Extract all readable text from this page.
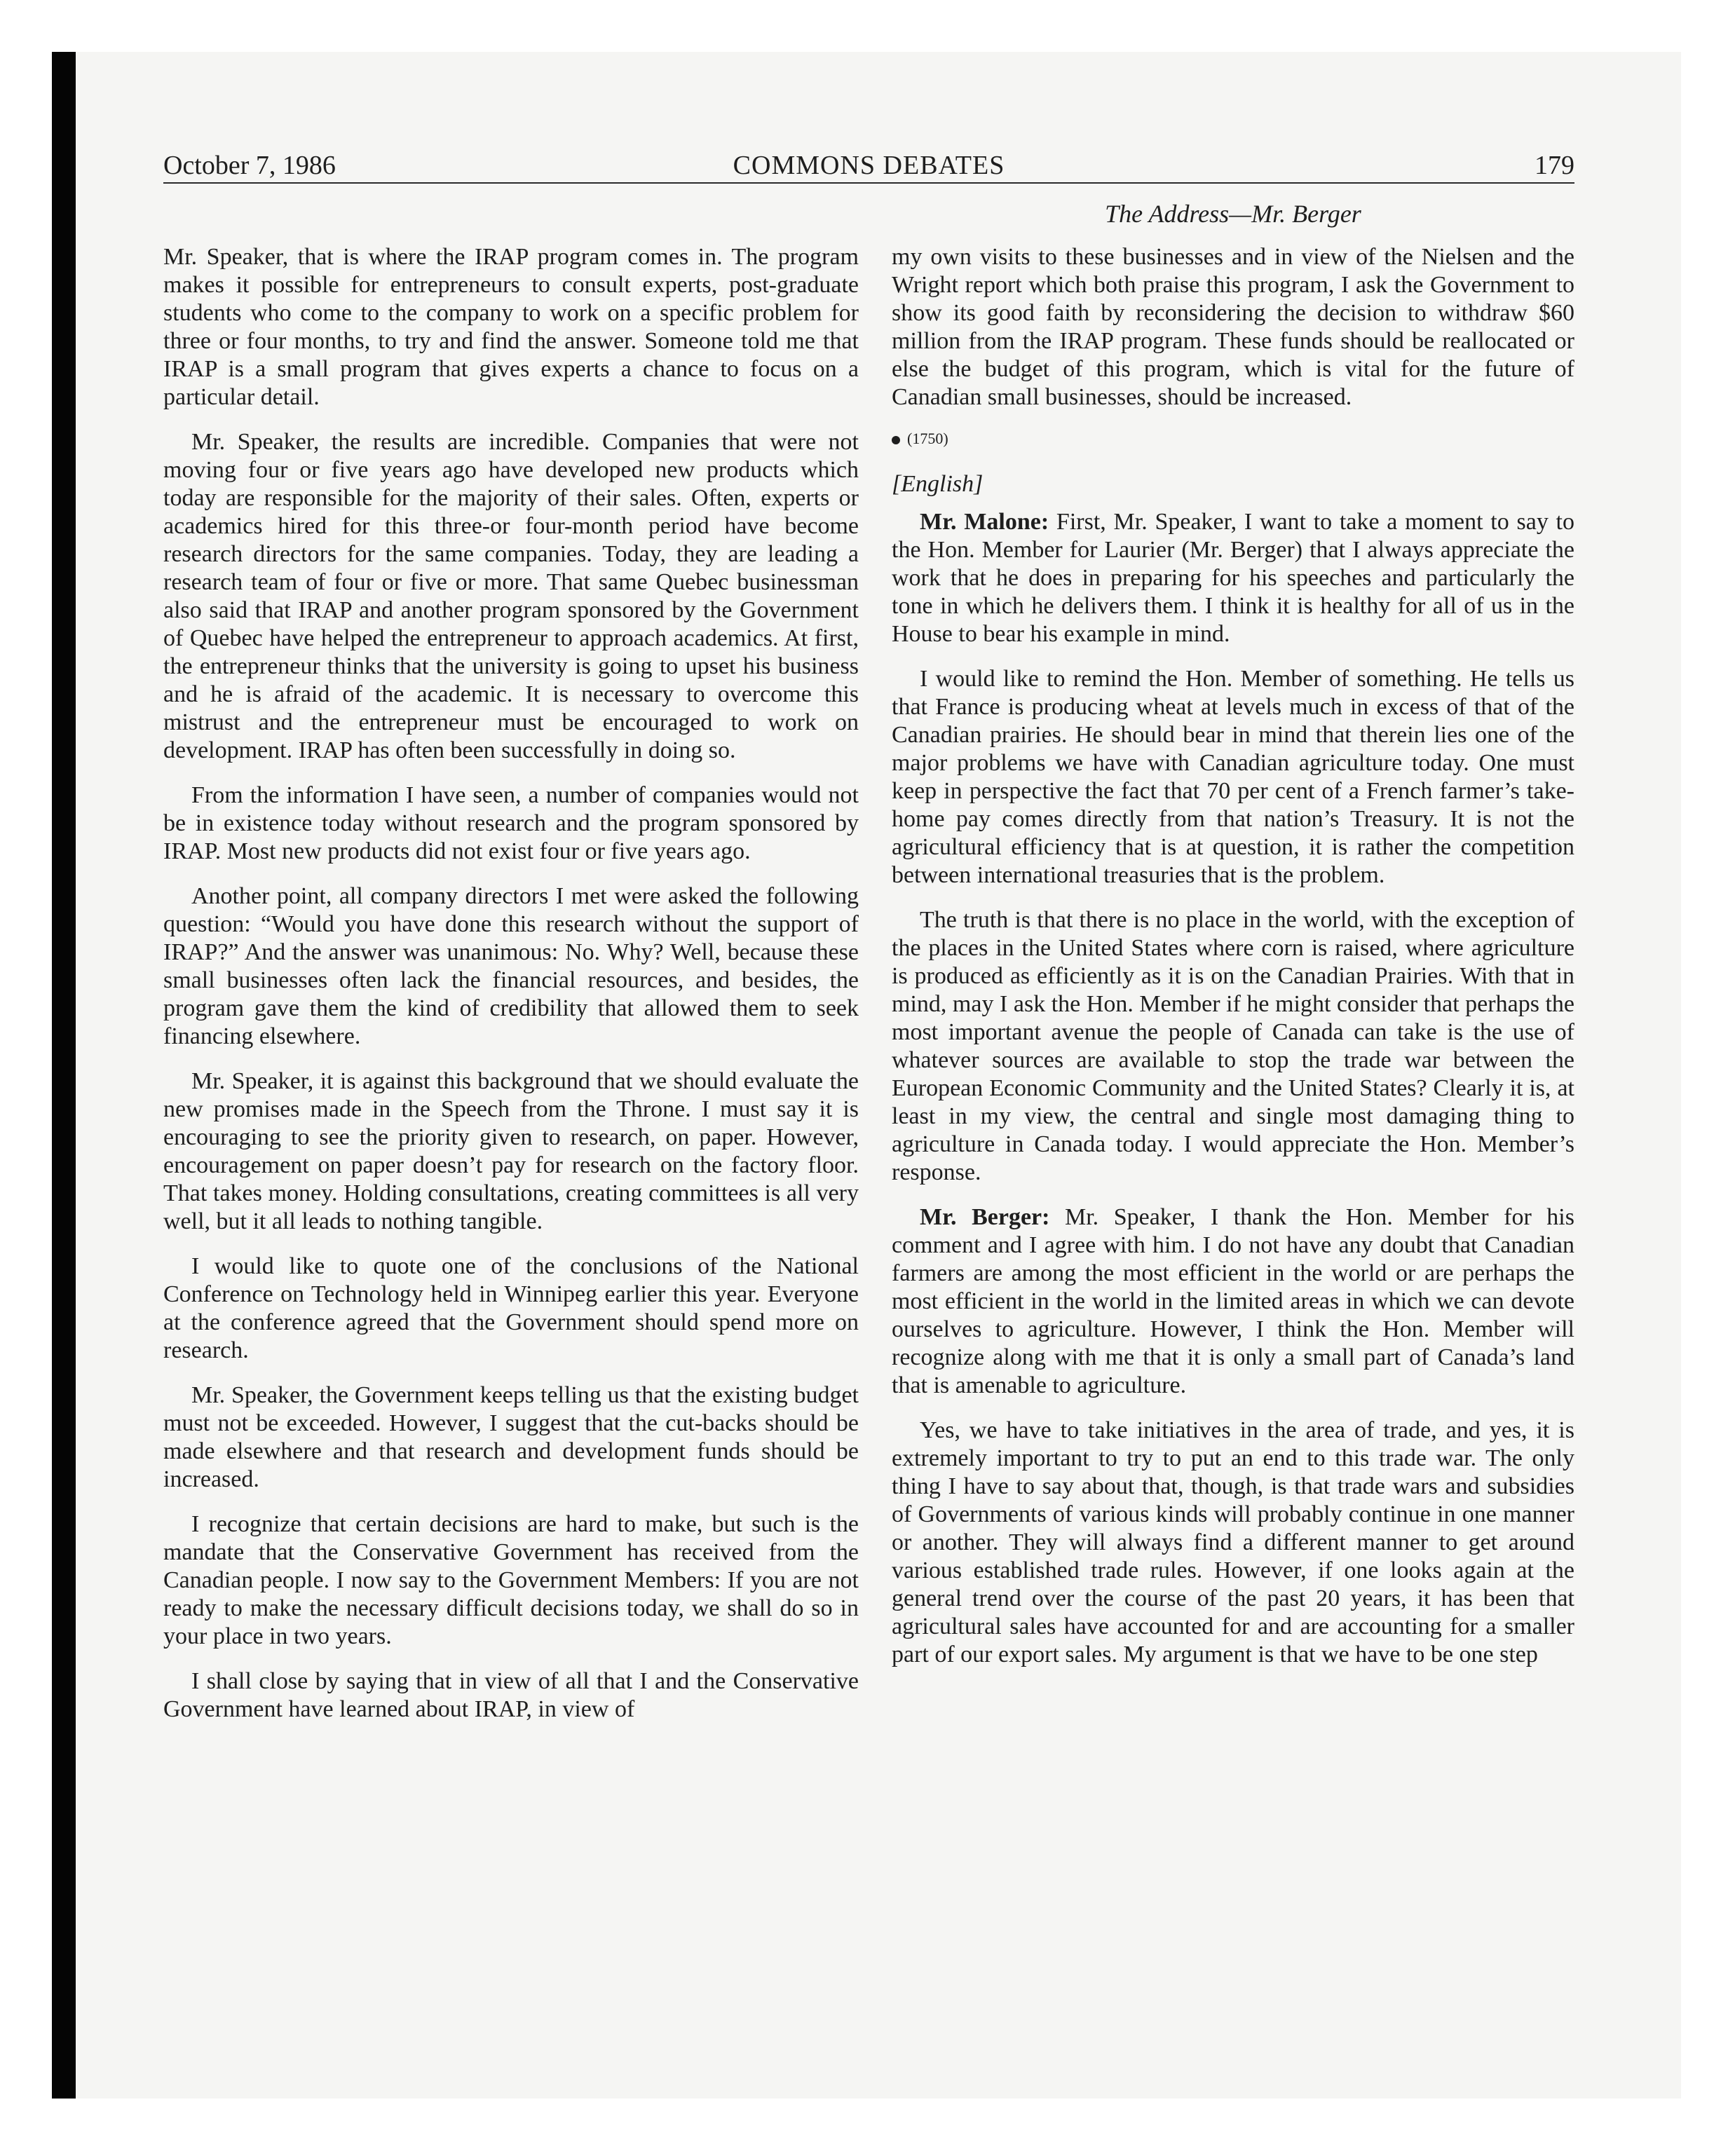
October 7, 1986	COMMONS DEBATES	179
The Address—Mr. Berger

Mr. Speaker, that is where the IRAP program comes in. The program makes it possible for entrepreneurs to consult experts, post-graduate students who come to the company to work on a specific problem for three or four months, to try and find the answer. Someone told me that IRAP is a small program that gives experts a chance to focus on a particular detail.

Mr. Speaker, the results are incredible. Companies that were not moving four or five years ago have developed new products which today are responsible for the majority of their sales. Often, experts or academics hired for this three-or four-month period have become research directors for the same companies. Today, they are leading a research team of four or five or more. That same Quebec businessman also said that IRAP and another program sponsored by the Government of Quebec have helped the entrepreneur to approach academics. At first, the entrepreneur thinks that the university is going to upset his business and he is afraid of the academic. It is necessary to overcome this mistrust and the entrepreneur must be encouraged to work on development. IRAP has often been successfully in doing so.

From the information I have seen, a number of companies would not be in existence today without research and the program sponsored by IRAP. Most new products did not exist four or five years ago.

Another point, all company directors I met were asked the following question: “Would you have done this research without the support of IRAP?” And the answer was unanimous: No. Why? Well, because these small businesses often lack the financial resources, and besides, the program gave them the kind of credibility that allowed them to seek financing elsewhere.

Mr. Speaker, it is against this background that we should evaluate the new promises made in the Speech from the Throne. I must say it is encouraging to see the priority given to research, on paper. However, encouragement on paper doesn’t pay for research on the factory floor. That takes money. Holding consultations, creating committees is all very well, but it all leads to nothing tangible.

I would like to quote one of the conclusions of the National Conference on Technology held in Winnipeg earlier this year. Everyone at the conference agreed that the Government should spend more on research.

Mr. Speaker, the Government keeps telling us that the existing budget must not be exceeded. However, I suggest that the cut-backs should be made elsewhere and that research and development funds should be increased.

I recognize that certain decisions are hard to make, but such is the mandate that the Conservative Government has received from the Canadian people. I now say to the Government Members: If you are not ready to make the necessary difficult decisions today, we shall do so in your place in two years.

I shall close by saying that in view of all that I and the Conservative Government have learned about IRAP, in view of

my own visits to these businesses and in view of the Nielsen and the Wright report which both praise this program, I ask the Government to show its good faith by reconsidering the decision to withdraw $60 million from the IRAP program. These funds should be reallocated or else the budget of this program, which is vital for the future of Canadian small businesses, should be increased.

(1750)
[English]

Mr. Malone: First, Mr. Speaker, I want to take a moment to say to the Hon. Member for Laurier (Mr. Berger) that I always appreciate the work that he does in preparing for his speeches and particularly the tone in which he delivers them. I think it is healthy for all of us in the House to bear his example in mind.

I would like to remind the Hon. Member of something. He tells us that France is producing wheat at levels much in excess of that of the Canadian prairies. He should bear in mind that therein lies one of the major problems we have with Canadian agriculture today. One must keep in perspective the fact that 70 per cent of a French farmer’s take-home pay comes directly from that nation’s Treasury. It is not the agricultural efficiency that is at question, it is rather the competition between international treasuries that is the problem.

The truth is that there is no place in the world, with the exception of the places in the United States where corn is raised, where agriculture is produced as efficiently as it is on the Canadian Prairies. With that in mind, may I ask the Hon. Member if he might consider that perhaps the most important avenue the people of Canada can take is the use of whatever sources are available to stop the trade war between the European Economic Community and the United States? Clearly it is, at least in my view, the central and single most damaging thing to agriculture in Canada today. I would appreciate the Hon. Member’s response.

Mr. Berger: Mr. Speaker, I thank the Hon. Member for his comment and I agree with him. I do not have any doubt that Canadian farmers are among the most efficient in the world or are perhaps the most efficient in the world in the limited areas in which we can devote ourselves to agriculture. However, I think the Hon. Member will recognize along with me that it is only a small part of Canada’s land that is amenable to agriculture.

Yes, we have to take initiatives in the area of trade, and yes, it is extremely important to try to put an end to this trade war. The only thing I have to say about that, though, is that trade wars and subsidies of Governments of various kinds will probably continue in one manner or another. They will always find a different manner to get around various established trade rules. However, if one looks again at the general trend over the course of the past 20 years, it has been that agricultural sales have accounted for and are accounting for a smaller part of our export sales. My argument is that we have to be one step
